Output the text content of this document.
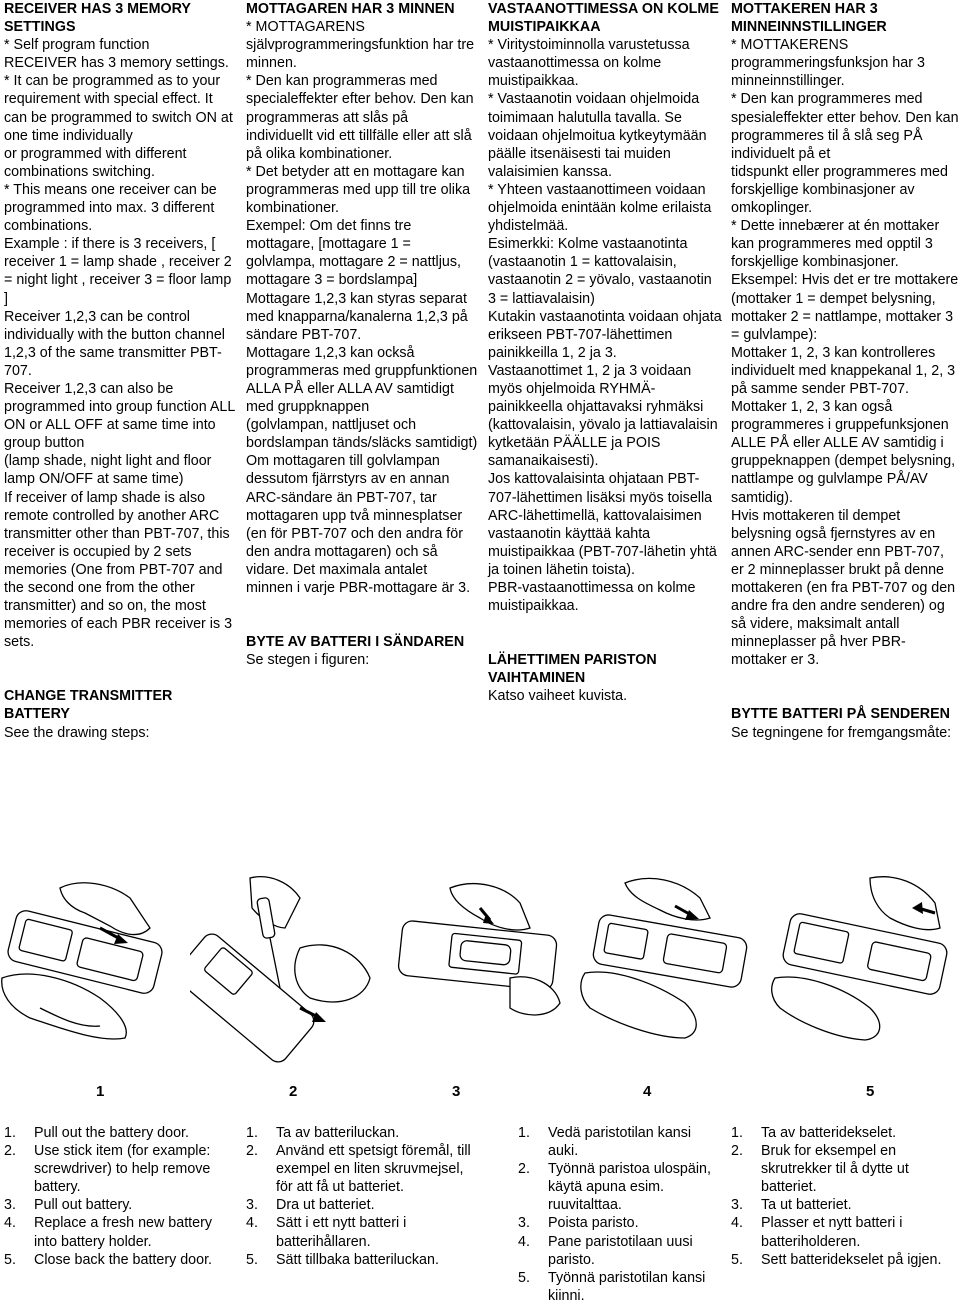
RECEIVER HAS 3 MEMORY SETTINGS

* Self program function
RECEIVER has 3 memory settings.
* It can be programmed as to your requirement with special effect. It can be programmed to switch ON at one time individually
or programmed with different combinations switching.
* This means one receiver can be programmed into max. 3 different combinations.
Example : if there is 3 receivers, [ receiver 1 = lamp shade , receiver 2 = night light , receiver 3 = floor lamp ]
Receiver 1,2,3 can be control individually with the button channel 1,2,3 of the same transmitter PBT-707.
Receiver 1,2,3 can also be programmed into group function ALL ON or ALL OFF at same time into group button
(lamp shade, night light and floor lamp ON/OFF at same time)
If receiver of lamp shade is also remote controlled by another ARC transmitter other than PBT-707, this receiver is occupied by 2 sets memories (One from PBT-707 and the second one from the other transmitter) and so on, the most memories of each PBR receiver is 3 sets.

CHANGE TRANSMITTER BATTERY

See the drawing steps:

MOTTAGAREN HAR 3 MINNEN

* MOTTAGARENS självprogrammeringsfunktion har tre minnen.
* Den kan programmeras med specialeffekter efter behov. Den kan programmeras att slås på individuellt vid ett tillfälle eller att slå på olika kombinationer.
* Det betyder att en mottagare kan programmeras med upp till tre olika kombinationer.
Exempel: Om det finns tre mottagare, [mottagare 1 = golvlampa, mottagare 2 = nattljus, mottagare 3 = bordslampa]
Mottagare 1,2,3 kan styras separat med knapparna/kanalerna 1,2,3 på sändare PBT-707.
Mottagare 1,2,3 kan också programmeras med gruppfunktionen ALLA PÅ eller ALLA AV samtidigt med gruppknappen
(golvlampan, nattljuset och bordslampan tänds/släcks samtidigt)
Om mottagaren till golvlampan dessutom fjärrstyrs av en annan ARC-sändare än PBT-707, tar mottagaren upp två minnesplatser (en för PBT-707 och den andra för den andra mottagaren) och så vidare. Det maximala antalet minnen i varje PBR-mottagare är 3.

BYTE AV BATTERI I SÄNDAREN

Se stegen i figuren:

VASTAANOTTIMESSA ON KOLME MUISTIPAIKKAA

* Viritystoiminnolla varustetussa vastaanottimessa on kolme muistipaikkaa.
* Vastaanotin voidaan ohjelmoida toimimaan halutulla tavalla. Se voidaan ohjelmoitua kytkeytymään päälle itsenäisesti tai muiden valaisimien kanssa.
* Yhteen vastaanottimeen voidaan ohjelmoida enintään kolme erilaista yhdistelmää.
Esimerkki: Kolme vastaanotinta (vastaanotin 1 = kattovalaisin, vastaanotin 2 = yövalo, vastaanotin 3 = lattiavalaisin)
Kutakin vastaanotinta voidaan ohjata erikseen PBT-707-lähettimen painikkeilla 1, 2 ja 3.
Vastaanottimet 1, 2 ja 3 voidaan myös ohjelmoida RYHMÄ-painikkeella ohjattavaksi ryhmäksi (kattovalaisin, yövalo ja lattiavalaisin kytketään PÄÄLLE ja POIS samanaikaisesti).
Jos kattovalaisinta ohjataan PBT-707-lähettimen lisäksi myös toisella ARC-lähettimellä, kattovalaisimen vastaanotin käyttää kahta muistipaikkaa (PBT-707-lähetin yhtä ja toinen lähetin toista).
PBR-vastaanottimessa on kolme muistipaikkaa.

LÄHETTIMEN PARISTON VAIHTAMINEN

Katso vaiheet kuvista.

MOTTAKEREN HAR 3 MINNEINNSTILLINGER

* MOTTAKERENS programmeringsfunksjon har 3 minneinnstillinger.
* Den kan programmeres med spesialeffekter etter behov. Den kan programmeres til å slå seg PÅ individuelt på et
tidspunkt eller programmeres med forskjellige kombinasjoner av omkoplinger.
* Dette innebærer at én mottaker kan programmeres med opptil 3 forskjellige kombinasjoner.
Eksempel: Hvis det er tre mottakere (mottaker 1 = dempet belysning, mottaker 2 = nattlampe, mottaker 3 = gulvlampe):
Mottaker 1, 2, 3 kan kontrolleres individuelt med knappekanal 1, 2, 3 på samme sender PBT-707.
Mottaker 1, 2, 3 kan også programmeres i gruppefunksjonen ALLE PÅ eller ALLE AV samtidig i gruppeknappen (dempet belysning, nattlampe og gulvlampe PÅ/AV samtidig).
Hvis mottakeren til dempet belysning også fjernstyres av en annen ARC-sender enn PBT-707, er 2 minneplasser brukt på denne mottakeren (en fra PBT-707 og den andre fra den andre senderen) og så videre, maksimalt antall minneplasser på hver PBR-mottaker er 3.

BYTTE BATTERI PÅ SENDEREN

Se tegningene for fremgangsmåte:

1	2	3	4	5
1. Pull out the battery door.
2. Use stick item (for example: screwdriver) to help remove battery.
3. Pull out battery.
4. Replace a fresh new battery into battery holder.
5. Close back the battery door.
1. Ta av batteriluckan.
2. Använd ett spetsigt föremål, till exempel en liten skruvmejsel, för att få ut batteriet.
3. Dra ut batteriet.
4. Sätt i ett nytt batteri i batterihållaren.
5. Sätt tillbaka batteriluckan.
1. Vedä paristotilan kansi auki.
2. Työnnä paristoa ulospäin, käytä apuna esim. ruuvitalttaa.
3. Poista paristo.
4. Pane paristotilaan uusi paristo.
5. Työnnä paristotilan kansi kiinni.
1. Ta av batteridekselet.
2. Bruk for eksempel en skrutrekker til å dytte ut batteriet.
3. Ta ut batteriet.
4. Plasser et nytt batteri i batteriholderen.
5. Sett batteridekselet på igjen.
